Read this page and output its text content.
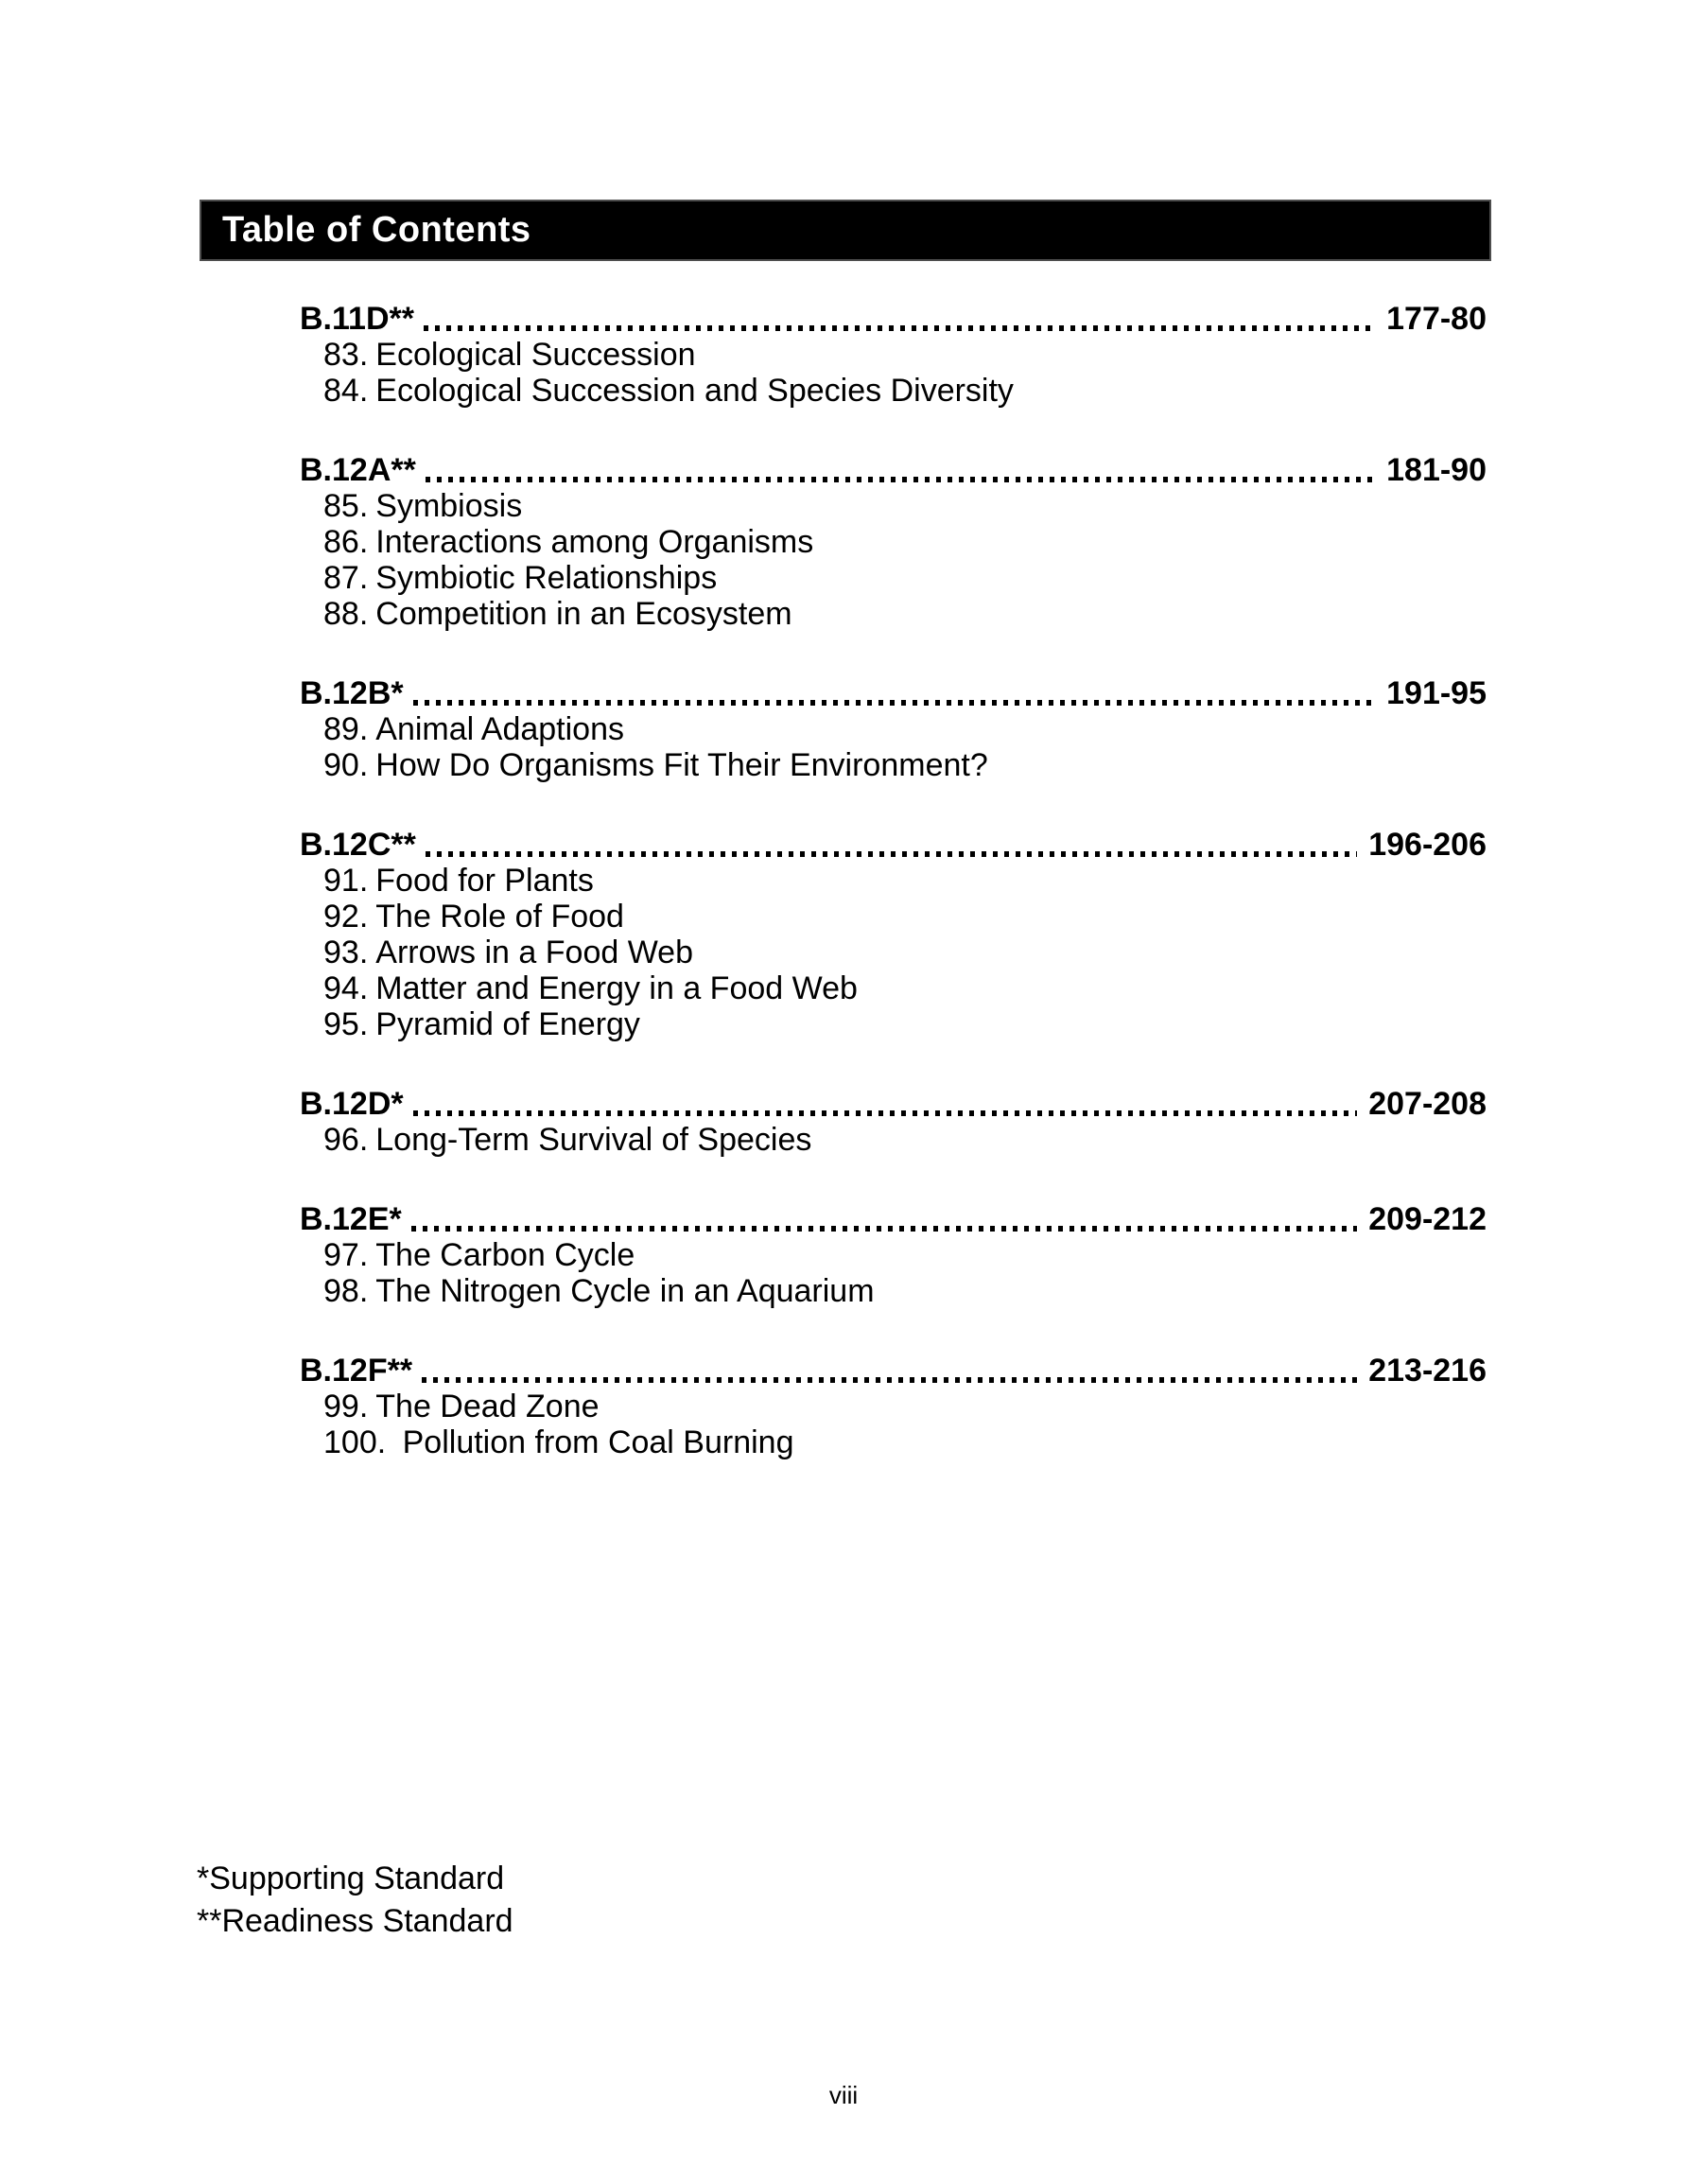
Table of Contents
B.11D**	177-80
83. Ecological Succession
84. Ecological Succession and Species Diversity
B.12A**	181-90
85. Symbiosis
86. Interactions among Organisms
87. Symbiotic Relationships
88. Competition in an Ecosystem
B.12B*	191-95
89. Animal Adaptions
90. How Do Organisms Fit Their Environment?
B.12C**	196-206
91. Food for Plants
92. The Role of Food
93. Arrows in a Food Web
94. Matter and Energy in a Food Web
95. Pyramid of Energy
B.12D*	207-208
96. Long-Term Survival of Species
B.12E*	209-212
97. The Carbon Cycle
98. The Nitrogen Cycle in an Aquarium
B.12F**	213-216
99. The Dead Zone
100. Pollution from Coal Burning
*Supporting Standard
**Readiness Standard
viii
